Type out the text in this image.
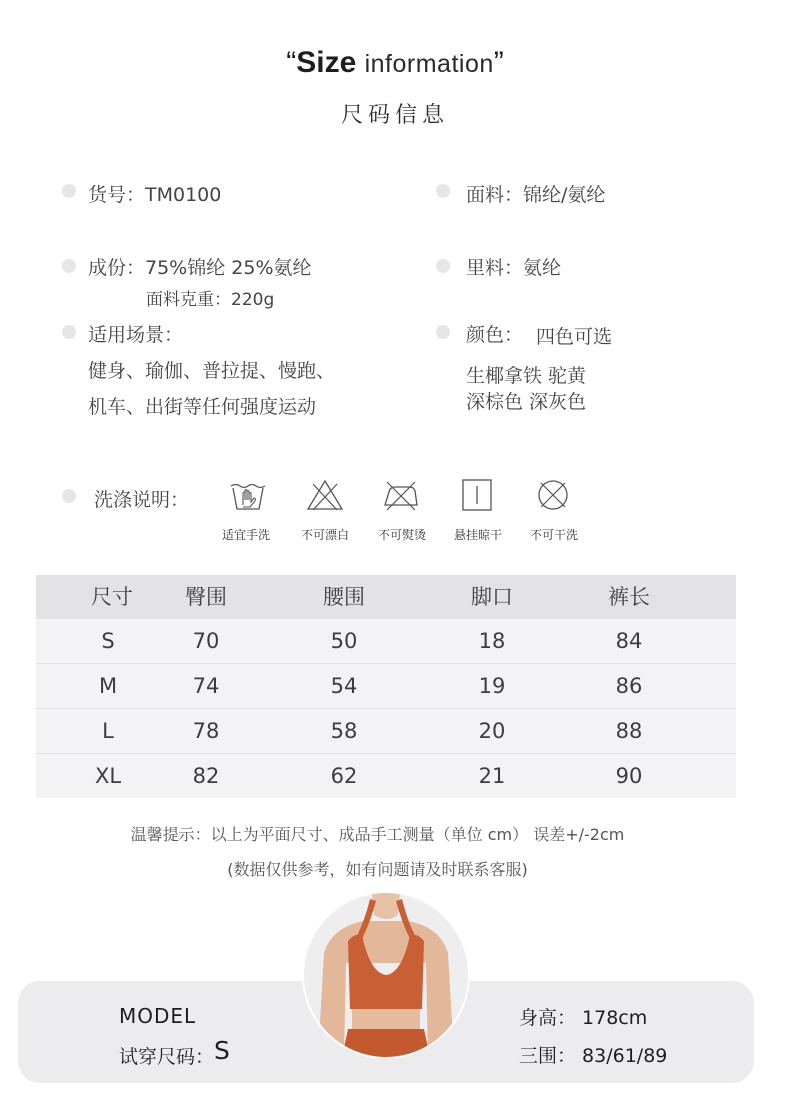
“Size information”
尺码信息
货号：TM0100
成份：75%锦纶 25%氨纶
面料克重：220g
适用场景：
健身、瑜伽、普拉提、慢跑、
机车、出街等任何强度运动
面料：锦纶/氨纶
里料：氨纶
颜色： 四色可选
生椰拿铁 驼黄
深棕色 深灰色
洗涤说明：
适宜手洗	不可漂白	不可熨烫	悬挂晾干	不可干洗
尺寸	臀围	腰围	脚口	裤长
S	70	50	18	84
M	74	54	19	86
L	78	58	20	88
XL	82	62	21	90
温馨提示：以上为平面尺寸、成品手工测量（单位 cm） 误差+/-2cm
(数据仅供参考，如有问题请及时联系客服)
MODEL
试穿尺码： S
身高： 178cm
三围： 83/61/89
